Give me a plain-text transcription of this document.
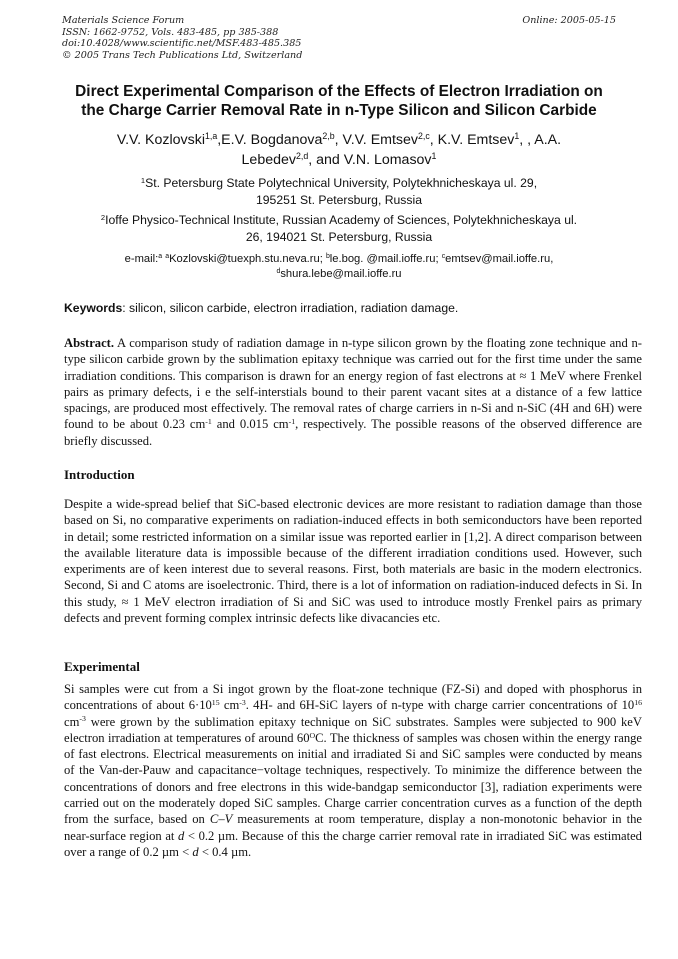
Materials Science Forum
ISSN: 1662-9752, Vols. 483-485, pp 385-388
doi:10.4028/www.scientific.net/MSF.483-485.385
© 2005 Trans Tech Publications Ltd, Switzerland
Online: 2005-05-15
Direct Experimental Comparison of the Effects of Electron Irradiation on
the Charge Carrier Removal Rate in n-Type Silicon and Silicon Carbide
V.V. Kozlovski$^{1,a}$,E.V. Bogdanova$^{2,b}$, V.V. Emtsev$^{2,c}$, K.V. Emtsev$^1$, , A.A.
Lebedev$^{2,d}$, and V.N. Lomasov$^1$
$^1$St. Petersburg State Polytechnical University, Polytekhnicheskaya ul. 29,
195251 St. Petersburg, Russia
$^2$Ioffe Physico-Technical Institute, Russian Academy of Sciences, Polytekhnicheskaya ul.
26, 194021 St. Petersburg, Russia
e-mail:$^a$ $^a$Kozlovski@tuexph.stu.neva.ru; $^b$le.bog. @mail.ioffe.ru; $^c$emtsev@mail.ioffe.ru,
$^d$shura.lebe@mail.ioffe.ru
Keywords: silicon, silicon carbide, electron irradiation, radiation damage.
Abstract. A comparison study of radiation damage in n-type silicon grown by the floating zone technique and n-type silicon carbide grown by the sublimation epitaxy technique was carried out for the first time under the same irradiation conditions. This comparison is drawn for an energy region of fast electrons at ≈ 1 MeV where Frenkel pairs as primary defects, i e the self-interstials bound to their parent vacant sites at a distance of a few lattice spacings, are produced most effectively. The removal rates of charge carriers in n-Si and n-SiC (4H and 6H) were found to be about 0.23 $cm^{-1}$ and 0.015 $cm^{-1}$, respectively. The possible reasons of the observed difference are briefly discussed.
Introduction
Despite a wide-spread belief that SiC-based electronic devices are more resistant to radiation damage than those based on Si, no comparative experiments on radiation-induced effects in both semiconductors have been reported in detail; some restricted information on a similar issue was reported earlier in [1,2]. A direct comparison between the available literature data is impossible because of the different irradiation conditions used. However, such experiments are of keen interest due to several reasons. First, both materials are basic in the modern electronics. Second, Si and C atoms are isoelectronic. Third, there is a lot of information on radiation-induced defects in Si. In this study, ≈ 1 MeV electron irradiation of Si and SiC was used to introduce mostly Frenkel pairs as primary defects and prevent forming complex intrinsic defects like divacancies etc.
Experimental
Si samples were cut from a Si ingot grown by the float-zone technique (FZ-Si) and doped with phosphorus in concentrations of about $6\cdot 10^{15}$ $cm^{-3}$. 4H- and 6H-SiC layers of n-type with charge carrier concentrations of $10^{16}$ $cm^{-3}$ were grown by the sublimation epitaxy technique on SiC substrates. Samples were subjected to 900 keV electron irradiation at temperatures of around $60^OC$. The thickness of samples was chosen within the energy range of fast electrons. Electrical measurements on initial and irradiated Si and SiC samples were conducted by means of the Van-der-Pauw and capacitance−voltage techniques, respectively. To minimize the difference between the concentrations of donors and free electrons in this wide-bandgap semiconductor [3], radiation experiments were carried out on the moderately doped SiC samples. Charge carrier concentration curves as a function of the depth from the surface, based on C–V measurements at room temperature, display a non-monotonic behavior in the near-surface region at d < 0.2 µm. Because of this the charge carrier removal rate in irradiated SiC was estimated over a range of 0.2 µm < d < 0.4 µm.
